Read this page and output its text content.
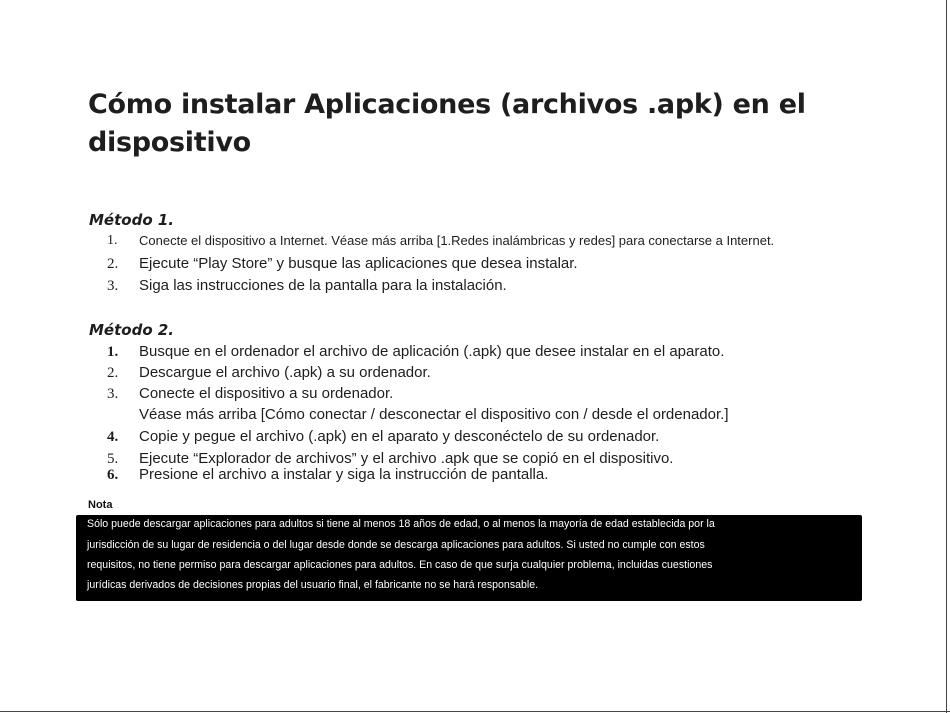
Cómo instalar Aplicaciones (archivos .apk) en el dispositivo
Método 1.
1. Conecte el dispositivo a Internet. Véase más arriba [1.Redes inalámbricas y redes] para conectarse a Internet.
2. Ejecute “Play Store” y busque las aplicaciones que desea instalar.
3. Siga las instrucciones de la pantalla para la instalación.
Método 2.
1. Busque en el ordenador el archivo de aplicación (.apk) que desee instalar en el aparato.
2. Descargue el archivo (.apk) a su ordenador.
3. Conecte el dispositivo a su ordenador.
Véase más arriba [Cómo conectar / desconectar el dispositivo con / desde el ordenador.]
4. Copie y pegue el archivo (.apk) en el aparato y desconéctelo de su ordenador.
5. Ejecute “Explorador de archivos” y el archivo .apk que se copió en el dispositivo.
6. Presione el archivo a instalar y siga la instrucción de pantalla.

Nota

Sólo puede descargar aplicaciones para adultos si tiene al menos 18 años de edad, o al menos la mayoría de edad establecida por la
jurisdicción de su lugar de residencia o del lugar desde donde se descarga aplicaciones para adultos. Si usted no cumple con estos
requisitos, no tiene permiso para descargar aplicaciones para adultos. En caso de que surja cualquier problema, incluidas cuestiones
jurídicas derivados de decisiones propias del usuario final, el fabricante no se hará responsable.
